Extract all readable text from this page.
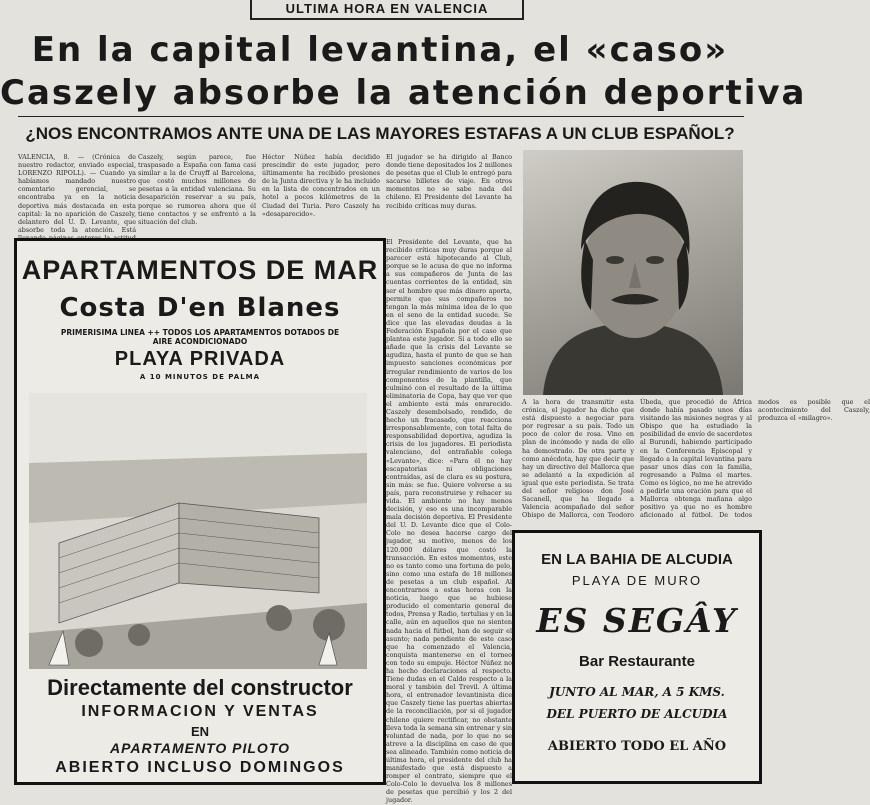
ULTIMA HORA EN VALENCIA
En la capital levantina, el «caso»
Caszely absorbe la atención deportiva
¿NOS ENCONTRAMOS ANTE UNA DE LAS MAYORES ESTAFAS A UN CLUB ESPAÑOL?
VALENCIA, 8. — (Crónica de nuestro redactor, enviado especial, LORENZO RIPOLL). — Cuando ya habíamos mandado nuestro comentario gerencial, se encontraba ya en la noticia deportiva más destacada en esta capital: la no aparición de Caszely, delantero del U. D. Levante, que absorbe toda la atención. Está
Caszely, según parece, fue traspasado a España con fama casi similar a la de Cruyff al Barcelona, que costó muchos millones de pesetas a la entidad valenciana. Su desaparición reservar a su país, porque se rumorea ahora que él tiene contactos y se enfrentó a la situación del club.
Héctor Núñez había decidido prescindir de este jugador, pero últimamente ha recibido presiones de la Junta directiva y le ha incluido en la lista de concentrados en un hotel a pocos kilómetros de la Ciudad del Turia. Pero Caszely ha «desaparecido».
El jugador se ha dirigido al Banco donde tiene depositados los 2 millones de pesetas que el Club le entregó para sacarse billetes de viaje. En otros momentos no se sabe nada del chileno. El Presidente del Levante ha recibido críticas muy duras.
El Presidente del Levante, que ha recibido críticas muy duras porque al parecer está hipotecando al Club, porque se le acusa de que no informa a sus compañeros de Junta de las cuentas corrientes de la entidad, sin ser el hombre que más dinero aporta, permite que sus compañeros no tengan la más mínima idea de lo que en el seno de la entidad sucede. Se dice que las elevadas deudas a la Federación Española por el caso que plantea este jugador. Si a todo ello se añade que la crisis del Levante se agudiza, hasta el punto de que se han impuesto sanciones económicas por irregular rendimiento de varios de los componentes de la plantilla, que culminó con el resultado de la última eliminatoria de Copa, hay que ver que el ambiente está más enrarecido. Caszely desembolsado, rendido, de hecho un fracasado, que reacciona irresponsablemente, con total falta de responsabilidad deportiva, agudiza la crisis de los jugadores. El periodista valenciano, del entrañable colega «Levante», dice: «Para él no hay escapatorias ni obligaciones contraídas, así de clara es su postura, sin más: se fue. Quiere volverse a su país, para reconstruirse y rehacer su vida. El ambiente no hay menos decisión, y eso es una incomparable mala decisión deportiva. El Presidente del U. D. Levante dice que el Colo-Colo no desea hacerse cargo del jugador, su motivo, menos de los 120.000 dólares que costó la transacción. En estos momentos, este no es tanto como una fortuna de pelo, sino como una estafa de 18 millones de pesetas a un club español. Al encontrarnos a estas horas con la noticia, luego que se hubiese producido el comentario general de todos, Prensa y Radio, tertulias y en la calle, aún en aquellos que no sienten nada hacia el fútbol, han de seguir el asunto; nada pendiente de este caso que ha comenzado el Valencia, conquista mantenerse en el torneo con todo su empuje. Héctor Núñez no ha hecho declaraciones al respecto. Tiene dudas en el Caldo respecto a la moral y también del Trevil. A última hora, el entrenador levantinista dice que Caszely tiene las puertas abiertas de la reconciliación, por si el jugador chileno quiere rectificar, no obstante lleva toda la semana sin entrenar y sin voluntad de nada, por lo que no se atreve a la disciplina en caso de que sea alineado. También como noticia de última hora, el presidente del club ha manifestado que está dispuesto a romper el contrato, siempre que el Colo-Colo le devuelva los 8 millones de pesetas que percibió y los 2 del jugador.
A la hora de transmitir esta crónica, el jugador ha dicho que está dispuesto a negociar para por regresar a su país. Todo un poco de color de rosa. Vino en plan de incómodo y nada de ello ha demostrado. De otra parte y como anécdota, hay que decir que hay un directivo del Mallorca que se adelantó a la expedición al igual que este periodista. Se trata del señor religioso don José Sacanell, que ha llegado a Valencia acompañado del señor Obispo de Mallorca, con Teodoro Úbeda, que procedió de África donde había pasado unos días visitando las misiones negras y al Obispo que ha estudiado la posibilidad de envío de sacerdotes al Burundi, habiendo participado en la Conferencia Episcopal y llegado a la capital levantina para pasar unos días con la familia, regresando a Palma el martes. Como es lógico, no me he atrevido a pedirle una oración para que el Mallorca obtenga mañana algo positivo ya que no es hombre aficionado al fútbol. De todos modos es posible que el acontecimiento del Caszely, produzca el «milagro».
APARTAMENTOS DE MAR
Costa D'en Blanes
PRIMERISIMA LINEA ++ TODOS LOS APARTAMENTOS DOTADOS DE
AIRE ACONDICIONADO
PLAYA PRIVADA
A 10 MINUTOS DE PALMA
Directamente del constructor
INFORMACION Y VENTAS
EN
APARTAMENTO PILOTO
ABIERTO INCLUSO DOMINGOS
EN LA BAHIA DE ALCUDIA
PLAYA DE MURO
ES SEGÂY
Bar Restaurante
JUNTO AL MAR, A 5 KMS.
DEL PUERTO DE ALCUDIA
ABIERTO TODO EL AÑO
